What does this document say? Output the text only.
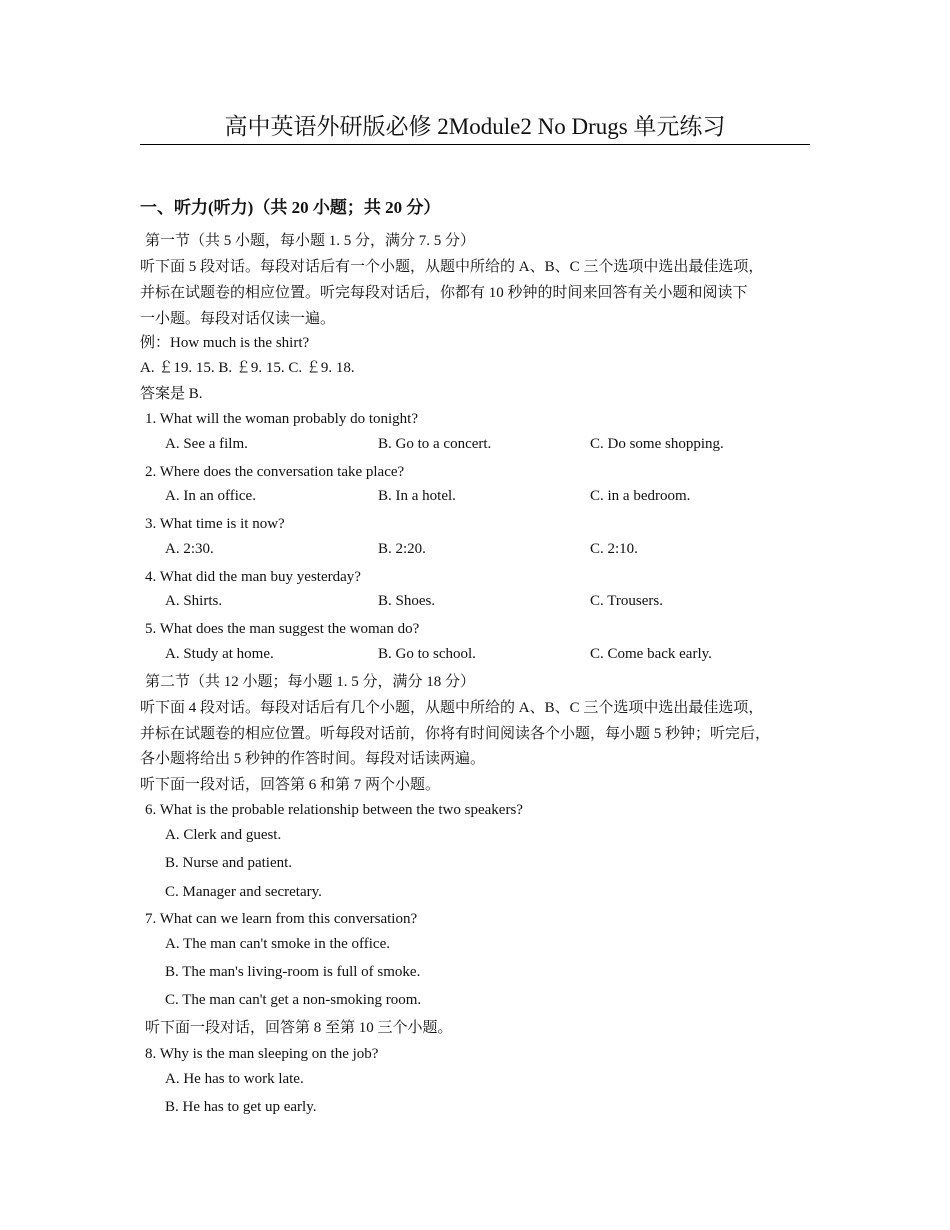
高中英语外研版必修 2Module2 No Drugs 单元练习
一、听力(听力)（共 20 小题；共 20 分）
第一节（共 5 小题，每小题 1. 5 分，满分 7. 5 分）
听下面 5 段对话。每段对话后有一个小题，从题中所给的 A、B、C 三个选项中选出最佳选项，
并标在试题卷的相应位置。听完每段对话后，你都有 10 秒钟的时间来回答有关小题和阅读下
一小题。每段对话仅读一遍。
例：How much is the shirt?
A. ￡19. 15. B. ￡9. 15. C. ￡9. 18.
答案是 B.
1. What will the woman probably do tonight?
A. See a film.	B. Go to a concert.	C. Do some shopping.
2. Where does the conversation take place?
A. In an office.	B. In a hotel.	C. in a bedroom.
3. What time is it now?
A. 2:30.	B. 2:20.	C. 2:10.
4. What did the man buy yesterday?
A. Shirts.	B. Shoes.	C. Trousers.
5. What does the man suggest the woman do?
A. Study at home.	B. Go to school.	C. Come back early.
第二节（共 12 小题；每小题 1. 5 分，满分 18 分）
听下面 4 段对话。每段对话后有几个小题，从题中所给的 A、B、C 三个选项中选出最佳选项，
并标在试题卷的相应位置。听每段对话前，你将有时间阅读各个小题，每小题 5 秒钟；听完后，
各小题将给出 5 秒钟的作答时间。每段对话读两遍。
听下面一段对话，回答第 6 和第 7 两个小题。
6. What is the probable relationship between the two speakers?
A. Clerk and guest.
B. Nurse and patient.
C. Manager and secretary.
7. What can we learn from this conversation?
A. The man can't smoke in the office.
B. The man's living-room is full of smoke.
C. The man can't get a non-smoking room.
听下面一段对话，回答第 8 至第 10 三个小题。
8. Why is the man sleeping on the job?
A. He has to work late.
B. He has to get up early.
